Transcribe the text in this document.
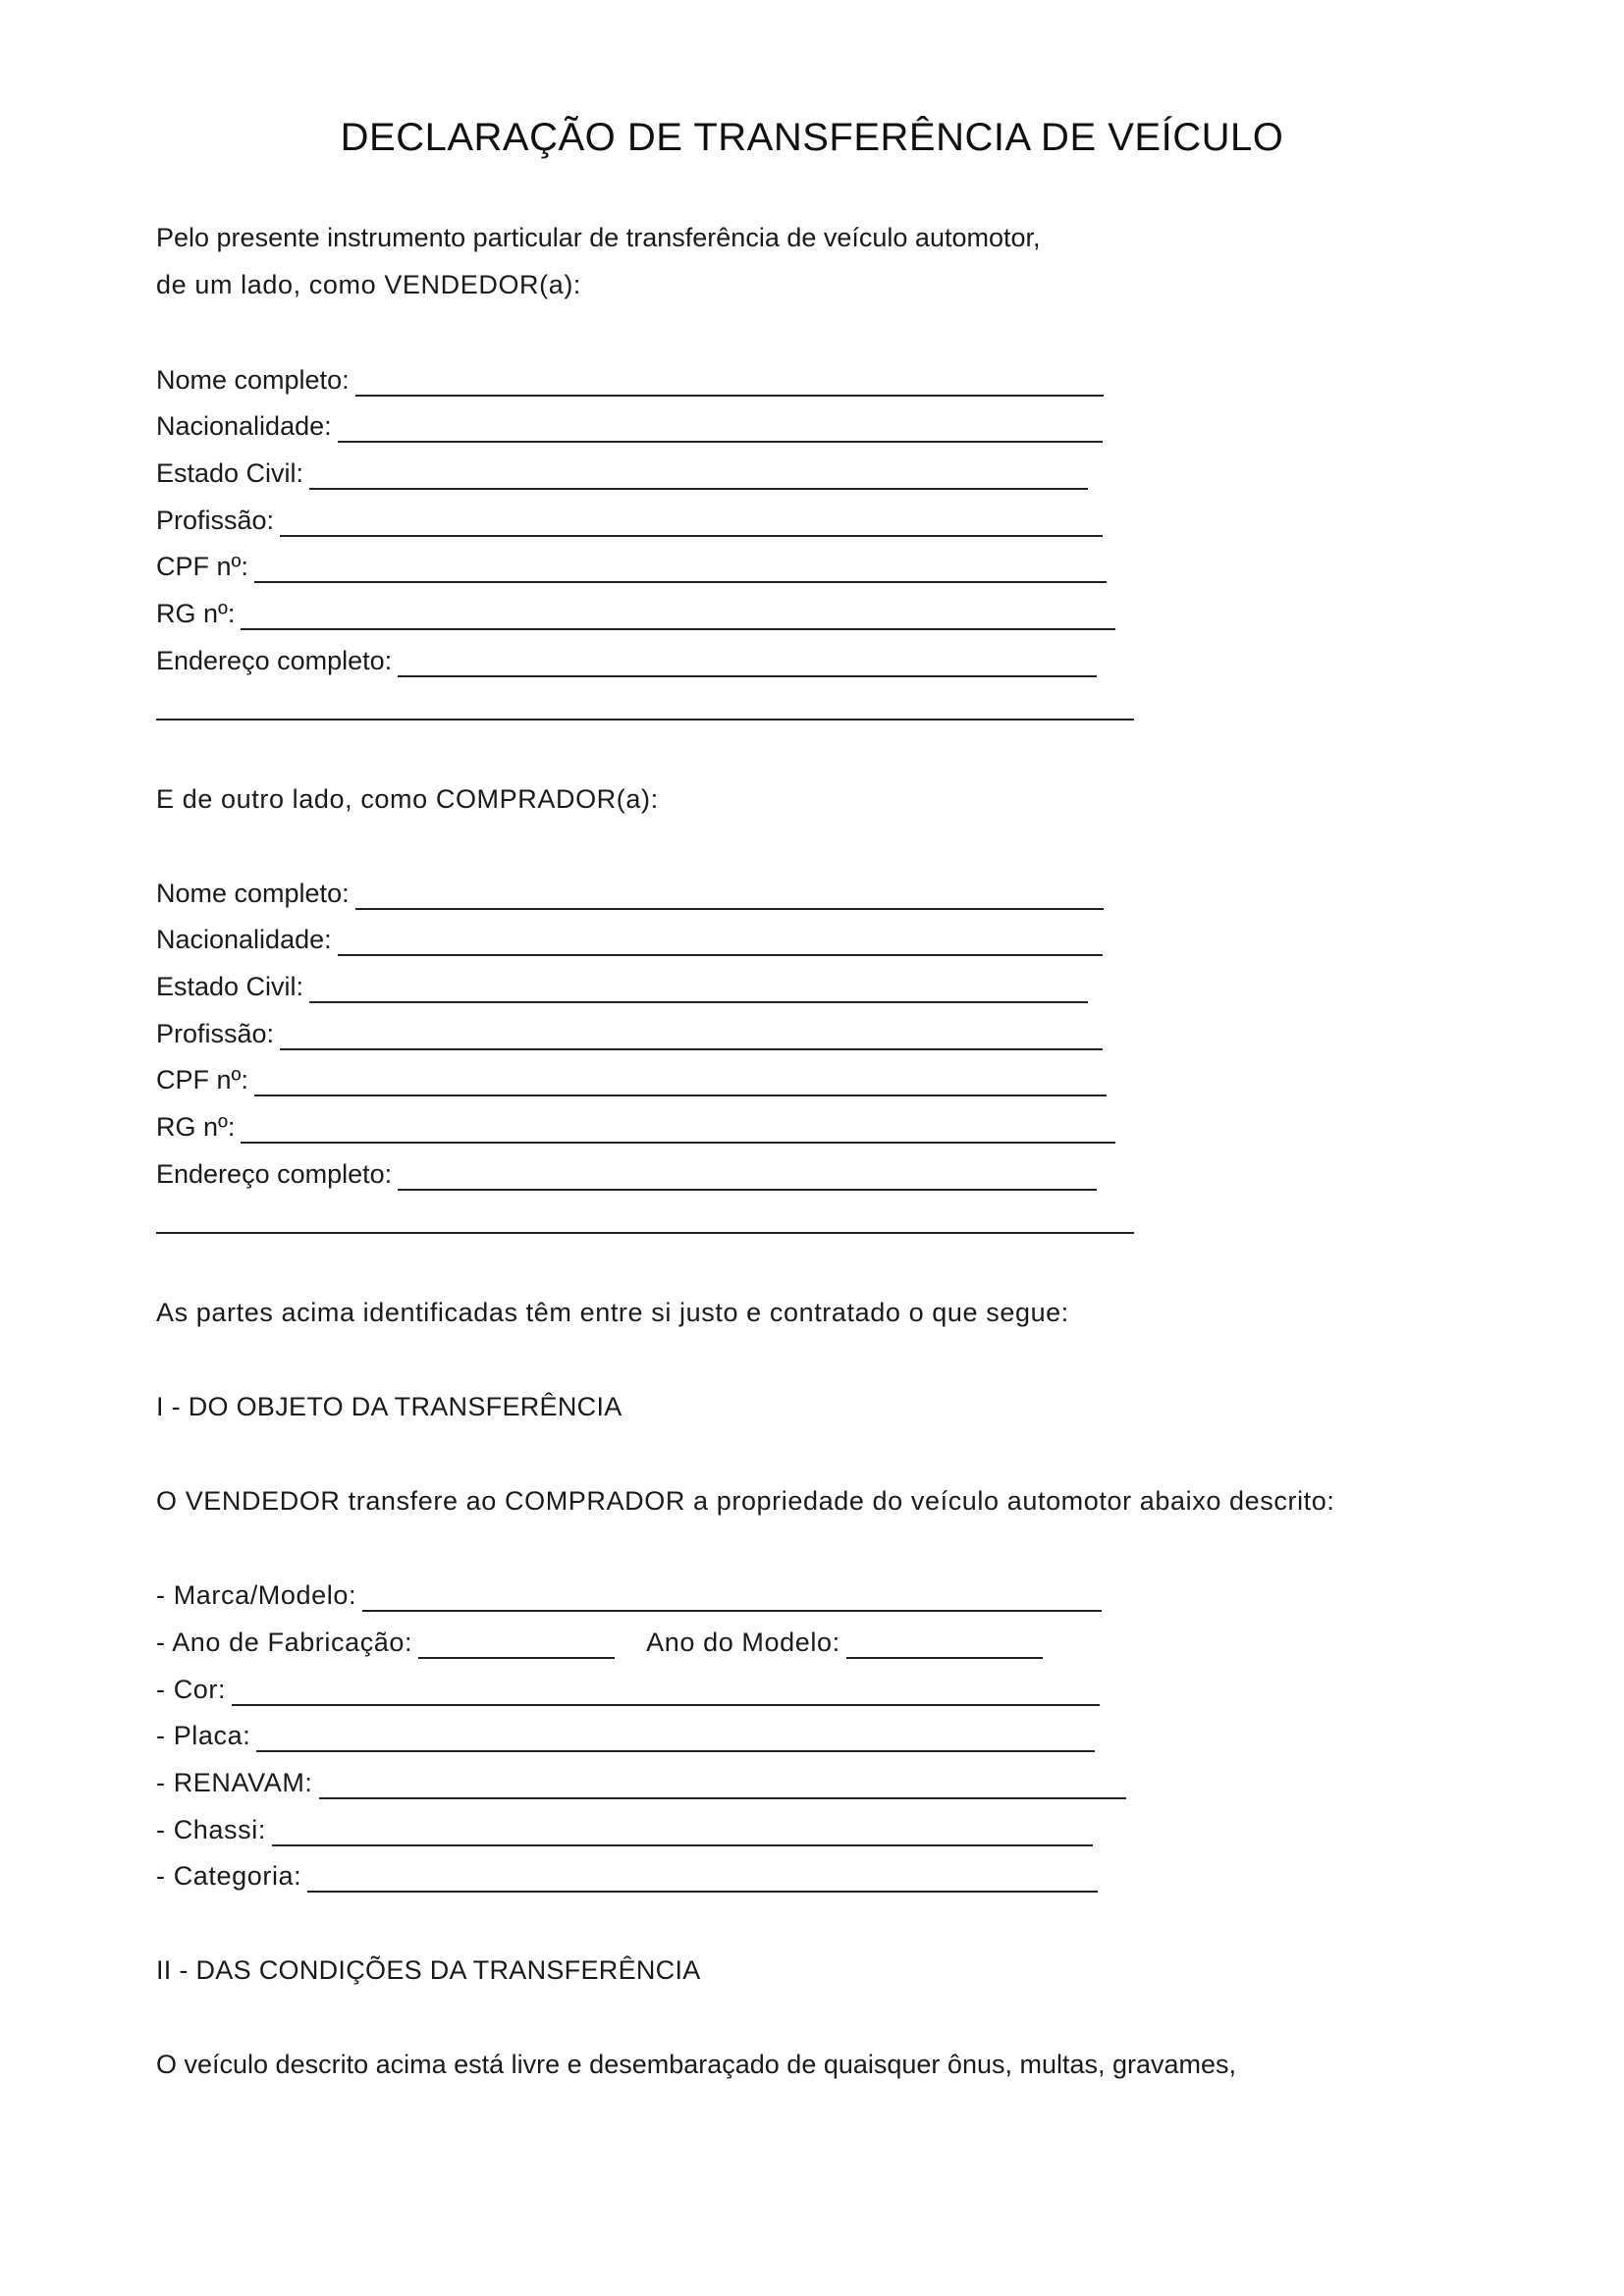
DECLARAÇÃO DE TRANSFERÊNCIA DE VEÍCULO
Pelo presente instrumento particular de transferência de veículo automotor,
de um lado, como VENDEDOR(a):
Nome completo:
Nacionalidade:
Estado Civil:
Profissão:
CPF nº:
RG nº:
Endereço completo:
E de outro lado, como COMPRADOR(a):
Nome completo:
Nacionalidade:
Estado Civil:
Profissão:
CPF nº:
RG nº:
Endereço completo:
As partes acima identificadas têm entre si justo e contratado o que segue:
I - DO OBJETO DA TRANSFERÊNCIA
O VENDEDOR transfere ao COMPRADOR a propriedade do veículo automotor abaixo descrito:
- Marca/Modelo:
- Ano de Fabricação:	Ano do Modelo:
- Cor:
- Placa:
- RENAVAM:
- Chassi:
- Categoria:
II - DAS CONDIÇÕES DA TRANSFERÊNCIA
O veículo descrito acima está livre e desembaraçado de quaisquer ônus, multas, gravames,
